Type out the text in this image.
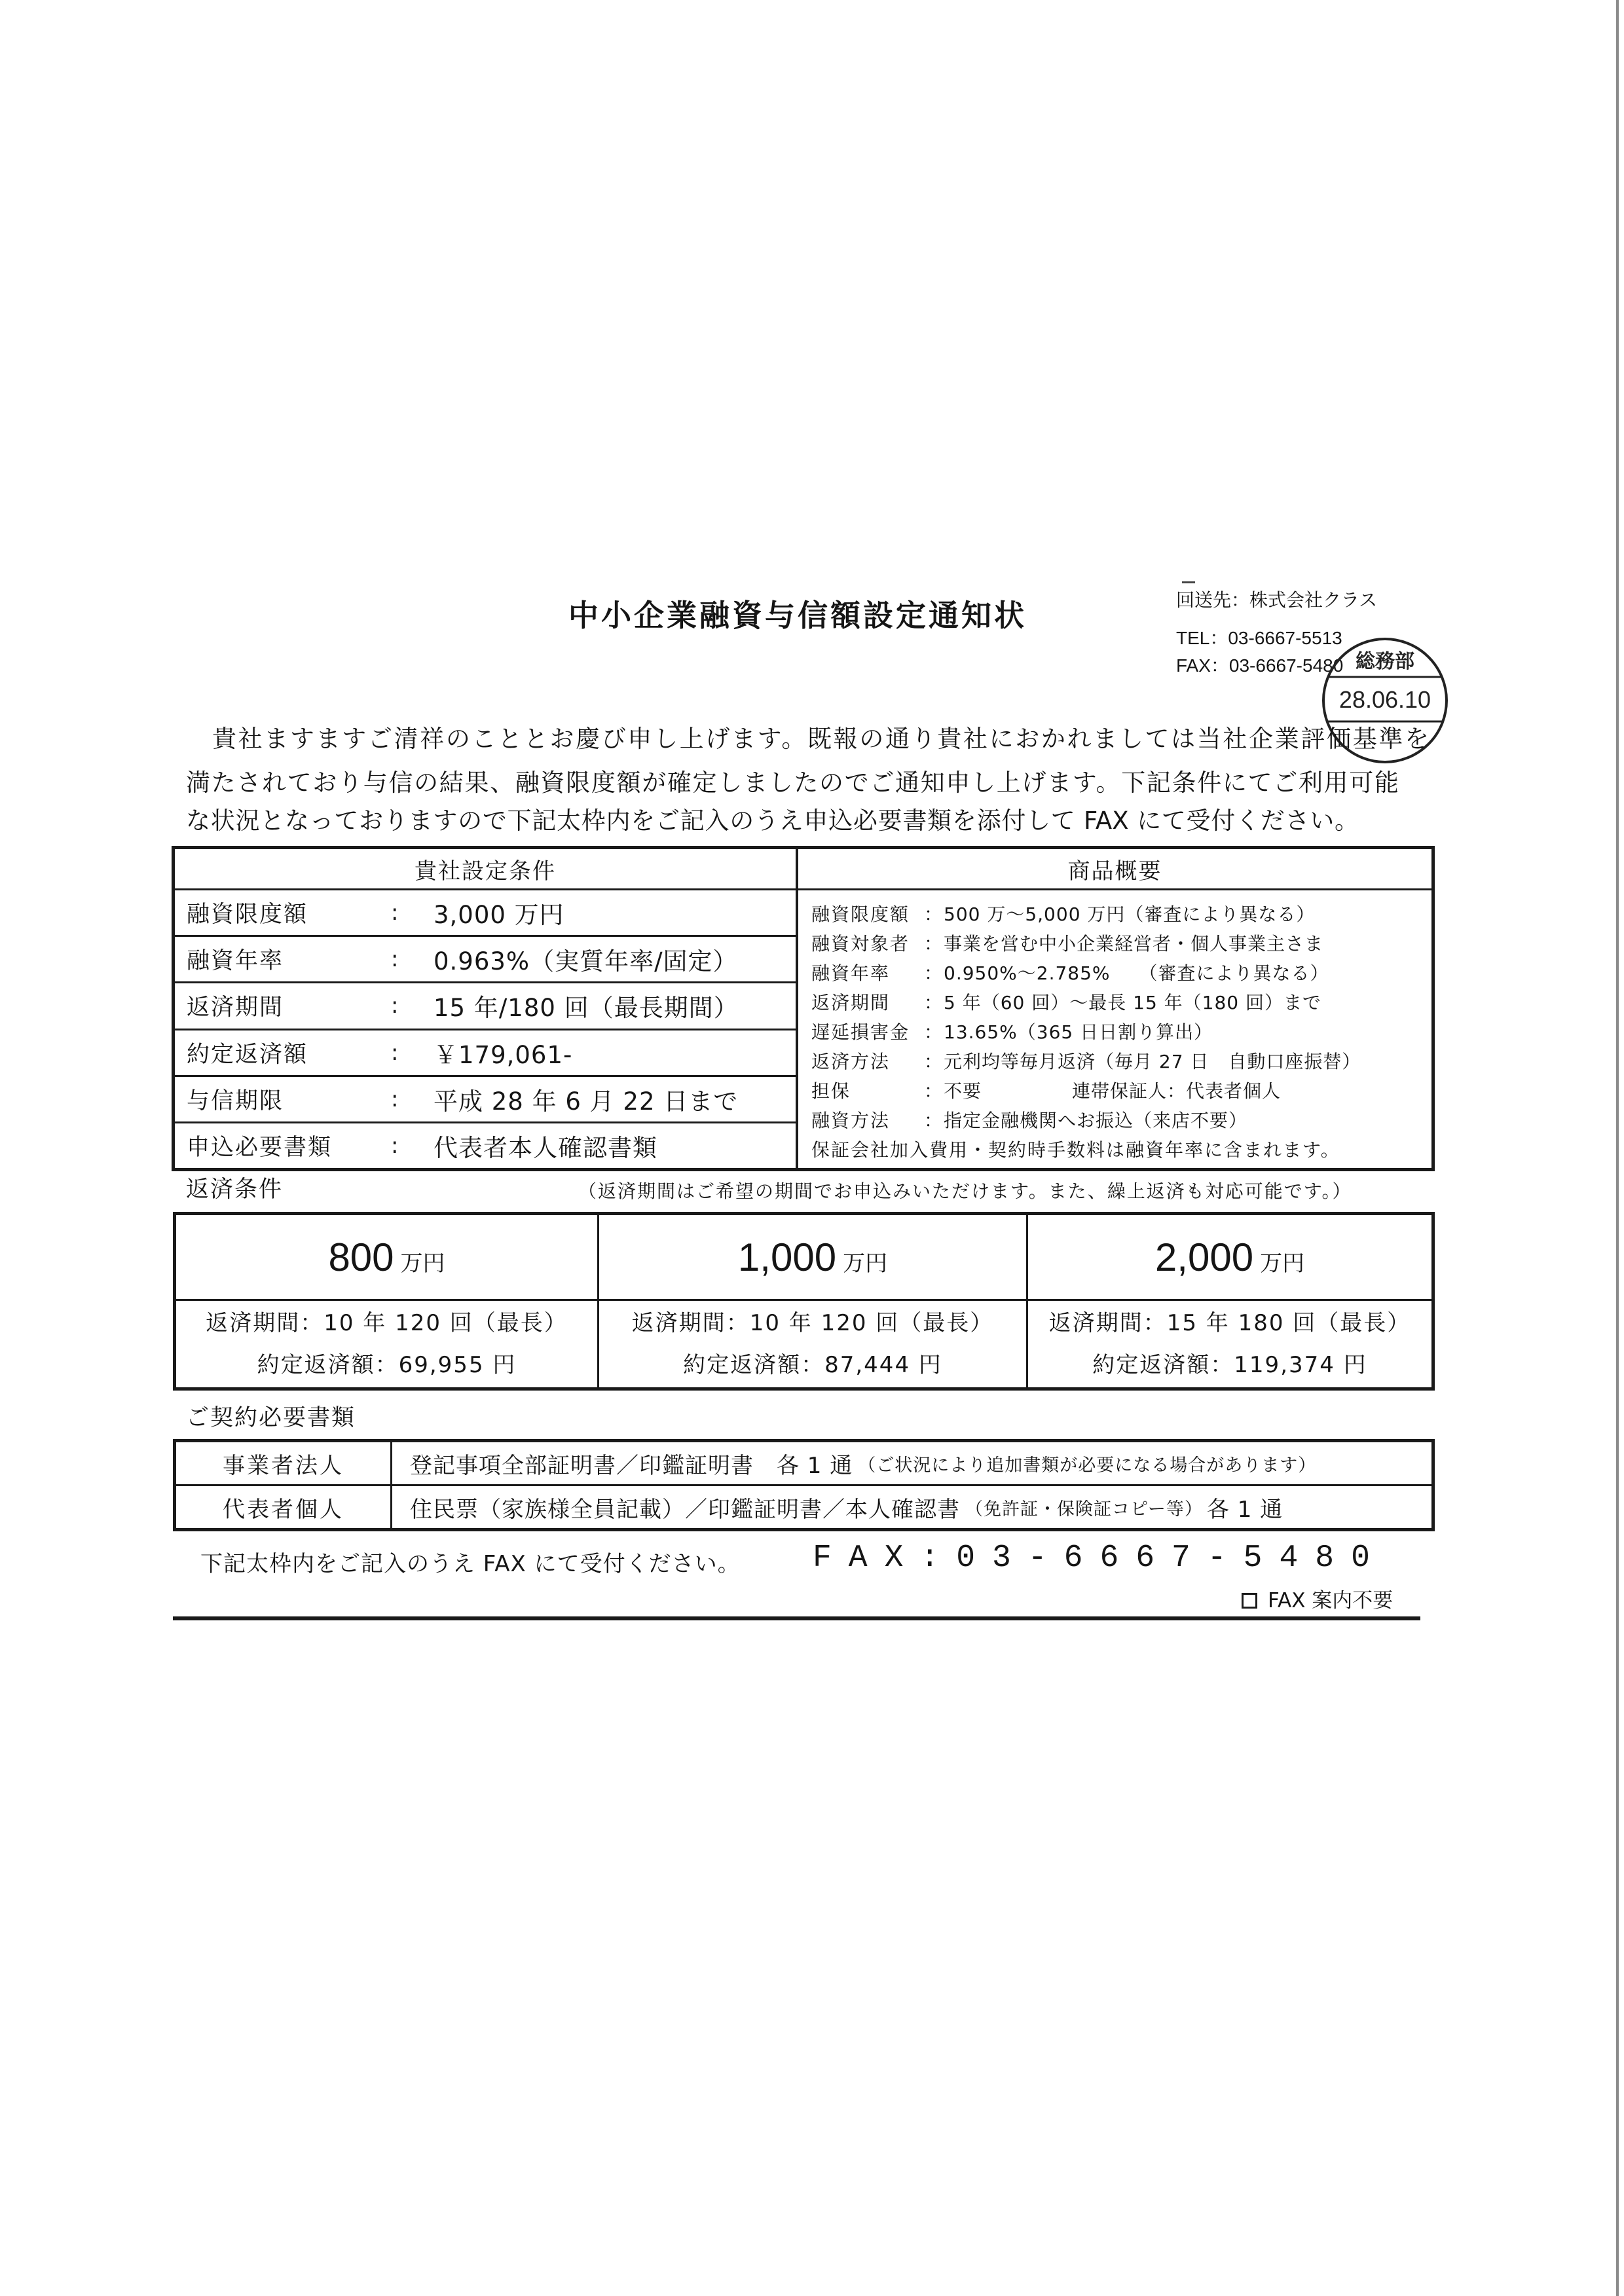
中小企業融資与信額設定通知状	回送先：株式会社クラス
TEL：03-6667-5513
FAX：03-6667-5480 総務部
28.06.10
貴社ますますご清祥のこととお慶び申し上げます。既報の通り貴社におかれましては当社企業評価基準を
満たされており与信の結果、融資限度額が確定しましたのでご通知申し上げます。下記条件にてご利用可能
な状況となっておりますので下記太枠内をご記入のうえ申込必要書類を添付して FAX にて受付ください。
貴社設定条件
融資限度額	: 3,000 万円
融資年率	: 0.963%（実質年率/固定）
返済期間	: 15 年/180 回（最長期間）
約定返済額	: ￥179,061-
与信期限	: 平成 28 年 6 月 22 日まで
申込必要書類	: 代表者本人確認書類
商品概要
融資限度額 ：500 万～5,000 万円（審査により異なる）
融資対象者 ：事業を営む中小企業経営者・個人事業主さま
融資年率 ：0.950%～2.785%　　（審査により異なる）
返済期間 ：5 年（60 回）～最長 15 年（180 回）まで
遅延損害金 ：13.65%（365 日日割り算出）
返済方法 ：元利均等毎月返済（毎月 27 日　自動口座振替）
担保	：不要	連帯保証人：代表者個人
融資方法 ：指定金融機関へお振込（来店不要）
保証会社加入費用・契約時手数料は融資年率に含まれます。
返済条件	（返済期間はご希望の期間でお申込みいただけます。また、繰上返済も対応可能です。）
800 万円
返済期間：10 年 120 回（最長）
約定返済額：69,955 円
1,000 万円
返済期間：10 年 120 回（最長）
約定返済額：87,444 円
2,000 万円
返済期間：15 年 180 回（最長）
約定返済額：119,374 円
ご契約必要書類
事業者法人	登記事項全部証明書／印鑑証明書　各 1 通 （ご状況により追加書類が必要になる場合があります）
代表者個人	住民票（家族様全員記載）／印鑑証明書／本人確認書 （免許証・保険証コピー等） 各 1 通
下記太枠内をご記入のうえ FAX にて受付ください。 FAX:03-6667-5480
FAX 案内不要
